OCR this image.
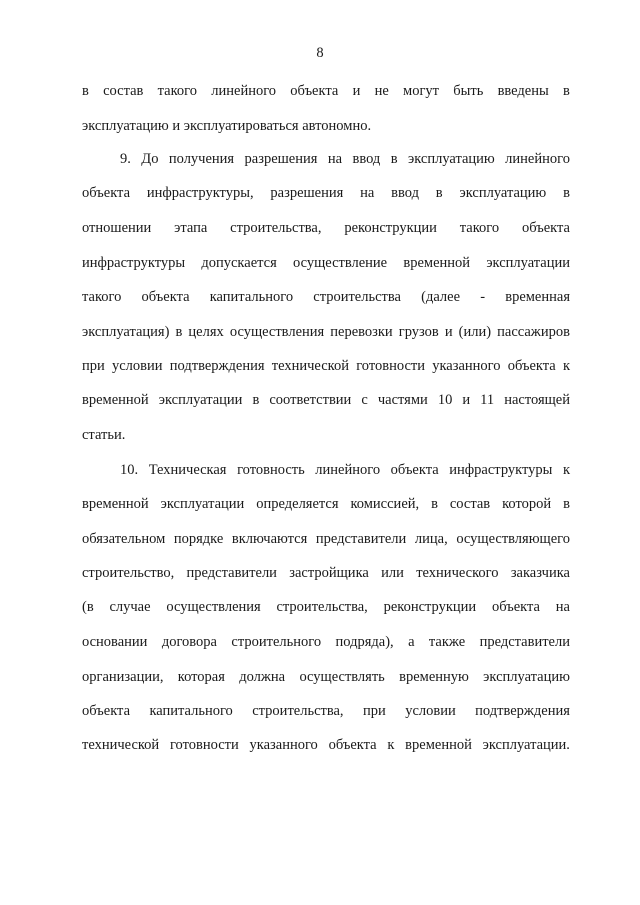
8
в состав такого линейного объекта и не могут быть введены в
эксплуатацию и эксплуатироваться автономно.
9. До получения разрешения на ввод в эксплуатацию линейного
объекта инфраструктуры, разрешения на ввод в эксплуатацию в
отношении этапа строительства, реконструкции такого объекта
инфраструктуры допускается осуществление временной эксплуатации
такого объекта капитального строительства (далее - временная
эксплуатация) в целях осуществления перевозки грузов и (или) пассажиров
при условии подтверждения технической готовности указанного объекта к
временной эксплуатации в соответствии с частями 10 и 11 настоящей
статьи.
10. Техническая готовность линейного объекта инфраструктуры к
временной эксплуатации определяется комиссией, в состав которой в
обязательном порядке включаются представители лица, осуществляющего
строительство, представители застройщика или технического заказчика
(в случае осуществления строительства, реконструкции объекта на
основании договора строительного подряда), а также представители
организации, которая должна осуществлять временную эксплуатацию
объекта капитального строительства, при условии подтверждения
технической готовности указанного объекта к временной эксплуатации.
